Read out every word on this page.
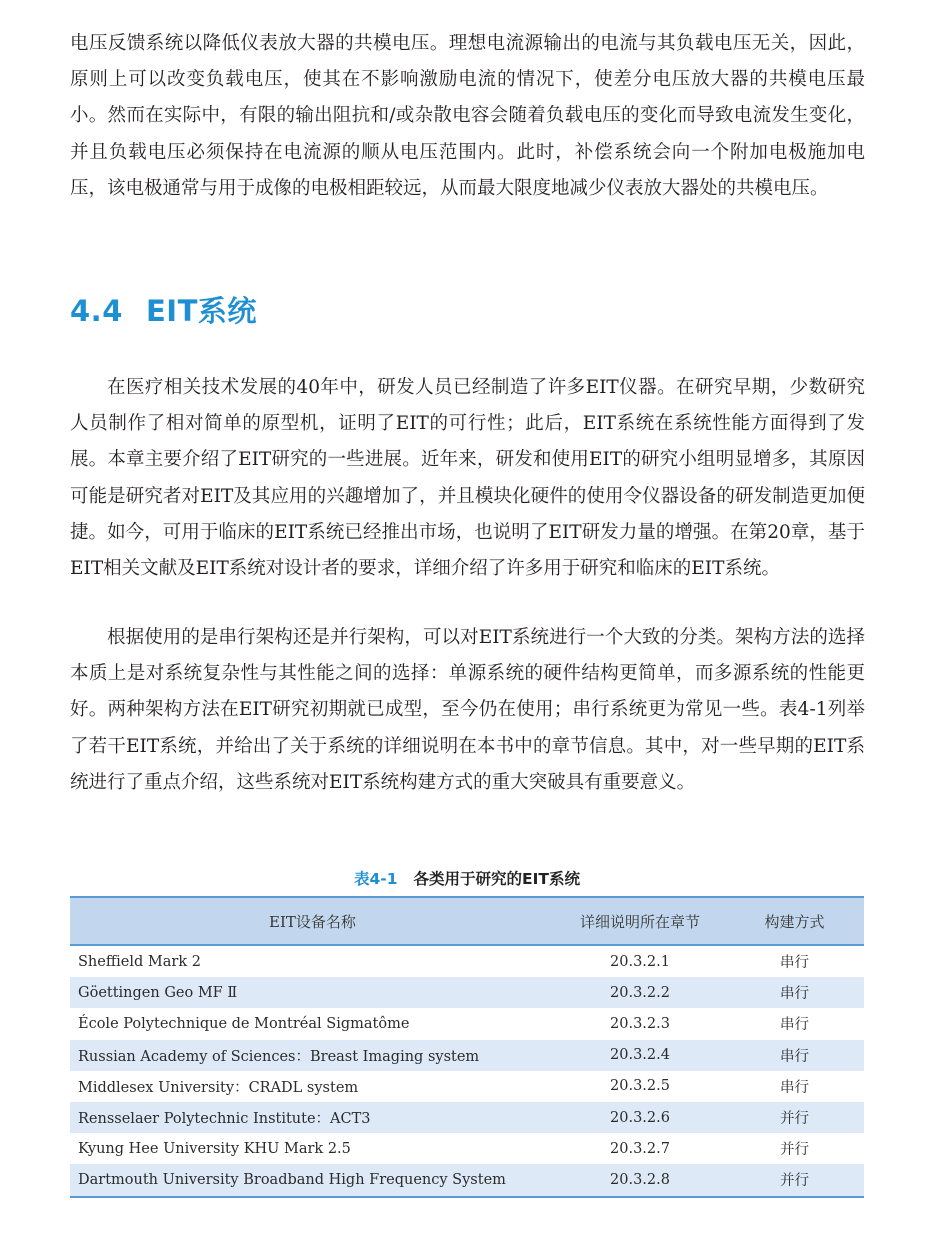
电压反馈系统以降低仪表放大器的共模电压。理想电流源输出的电流与其负载电压无关，因此，原则上可以改变负载电压，使其在不影响激励电流的情况下，使差分电压放大器的共模电压最小。然而在实际中，有限的输出阻抗和/或杂散电容会随着负载电压的变化而导致电流发生变化，并且负载电压必须保持在电流源的顺从电压范围内。此时，补偿系统会向一个附加电极施加电压，该电极通常与用于成像的电极相距较远，从而最大限度地减少仪表放大器处的共模电压。

4.4 EIT系统

在医疗相关技术发展的40年中，研发人员已经制造了许多EIT仪器。在研究早期，少数研究人员制作了相对简单的原型机，证明了EIT的可行性；此后，EIT系统在系统性能方面得到了发展。本章主要介绍了EIT研究的一些进展。近年来，研发和使用EIT的研究小组明显增多，其原因可能是研究者对EIT及其应用的兴趣增加了，并且模块化硬件的使用令仪器设备的研发制造更加便捷。如今，可用于临床的EIT系统已经推出市场，也说明了EIT研发力量的增强。在第20章，基于EIT相关文献及EIT系统对设计者的要求，详细介绍了许多用于研究和临床的EIT系统。

根据使用的是串行架构还是并行架构，可以对EIT系统进行一个大致的分类。架构方法的选择本质上是对系统复杂性与其性能之间的选择：单源系统的硬件结构更简单，而多源系统的性能更好。两种架构方法在EIT研究初期就已成型，至今仍在使用；串行系统更为常见一些。表4-1列举了若干EIT系统，并给出了关于系统的详细说明在本书中的章节信息。其中，对一些早期的EIT系统进行了重点介绍，这些系统对EIT系统构建方式的重大突破具有重要意义。

表4-1 各类用于研究的EIT系统
EIT设备名称	详细说明所在章节	构建方式
Sheffield Mark 2	20.3.2.1	串行
Göettingen Geo MF Ⅱ	20.3.2.2	串行
École Polytechnique de Montréal Sigmatôme	20.3.2.3	串行
Russian Academy of Sciences：Breast Imaging system	20.3.2.4	串行
Middlesex University：CRADL system	20.3.2.5	串行
Rensselaer Polytechnic Institute：ACT3	20.3.2.6	并行
Kyung Hee University KHU Mark 2.5	20.3.2.7	并行
Dartmouth University Broadband High Frequency System	20.3.2.8	并行
